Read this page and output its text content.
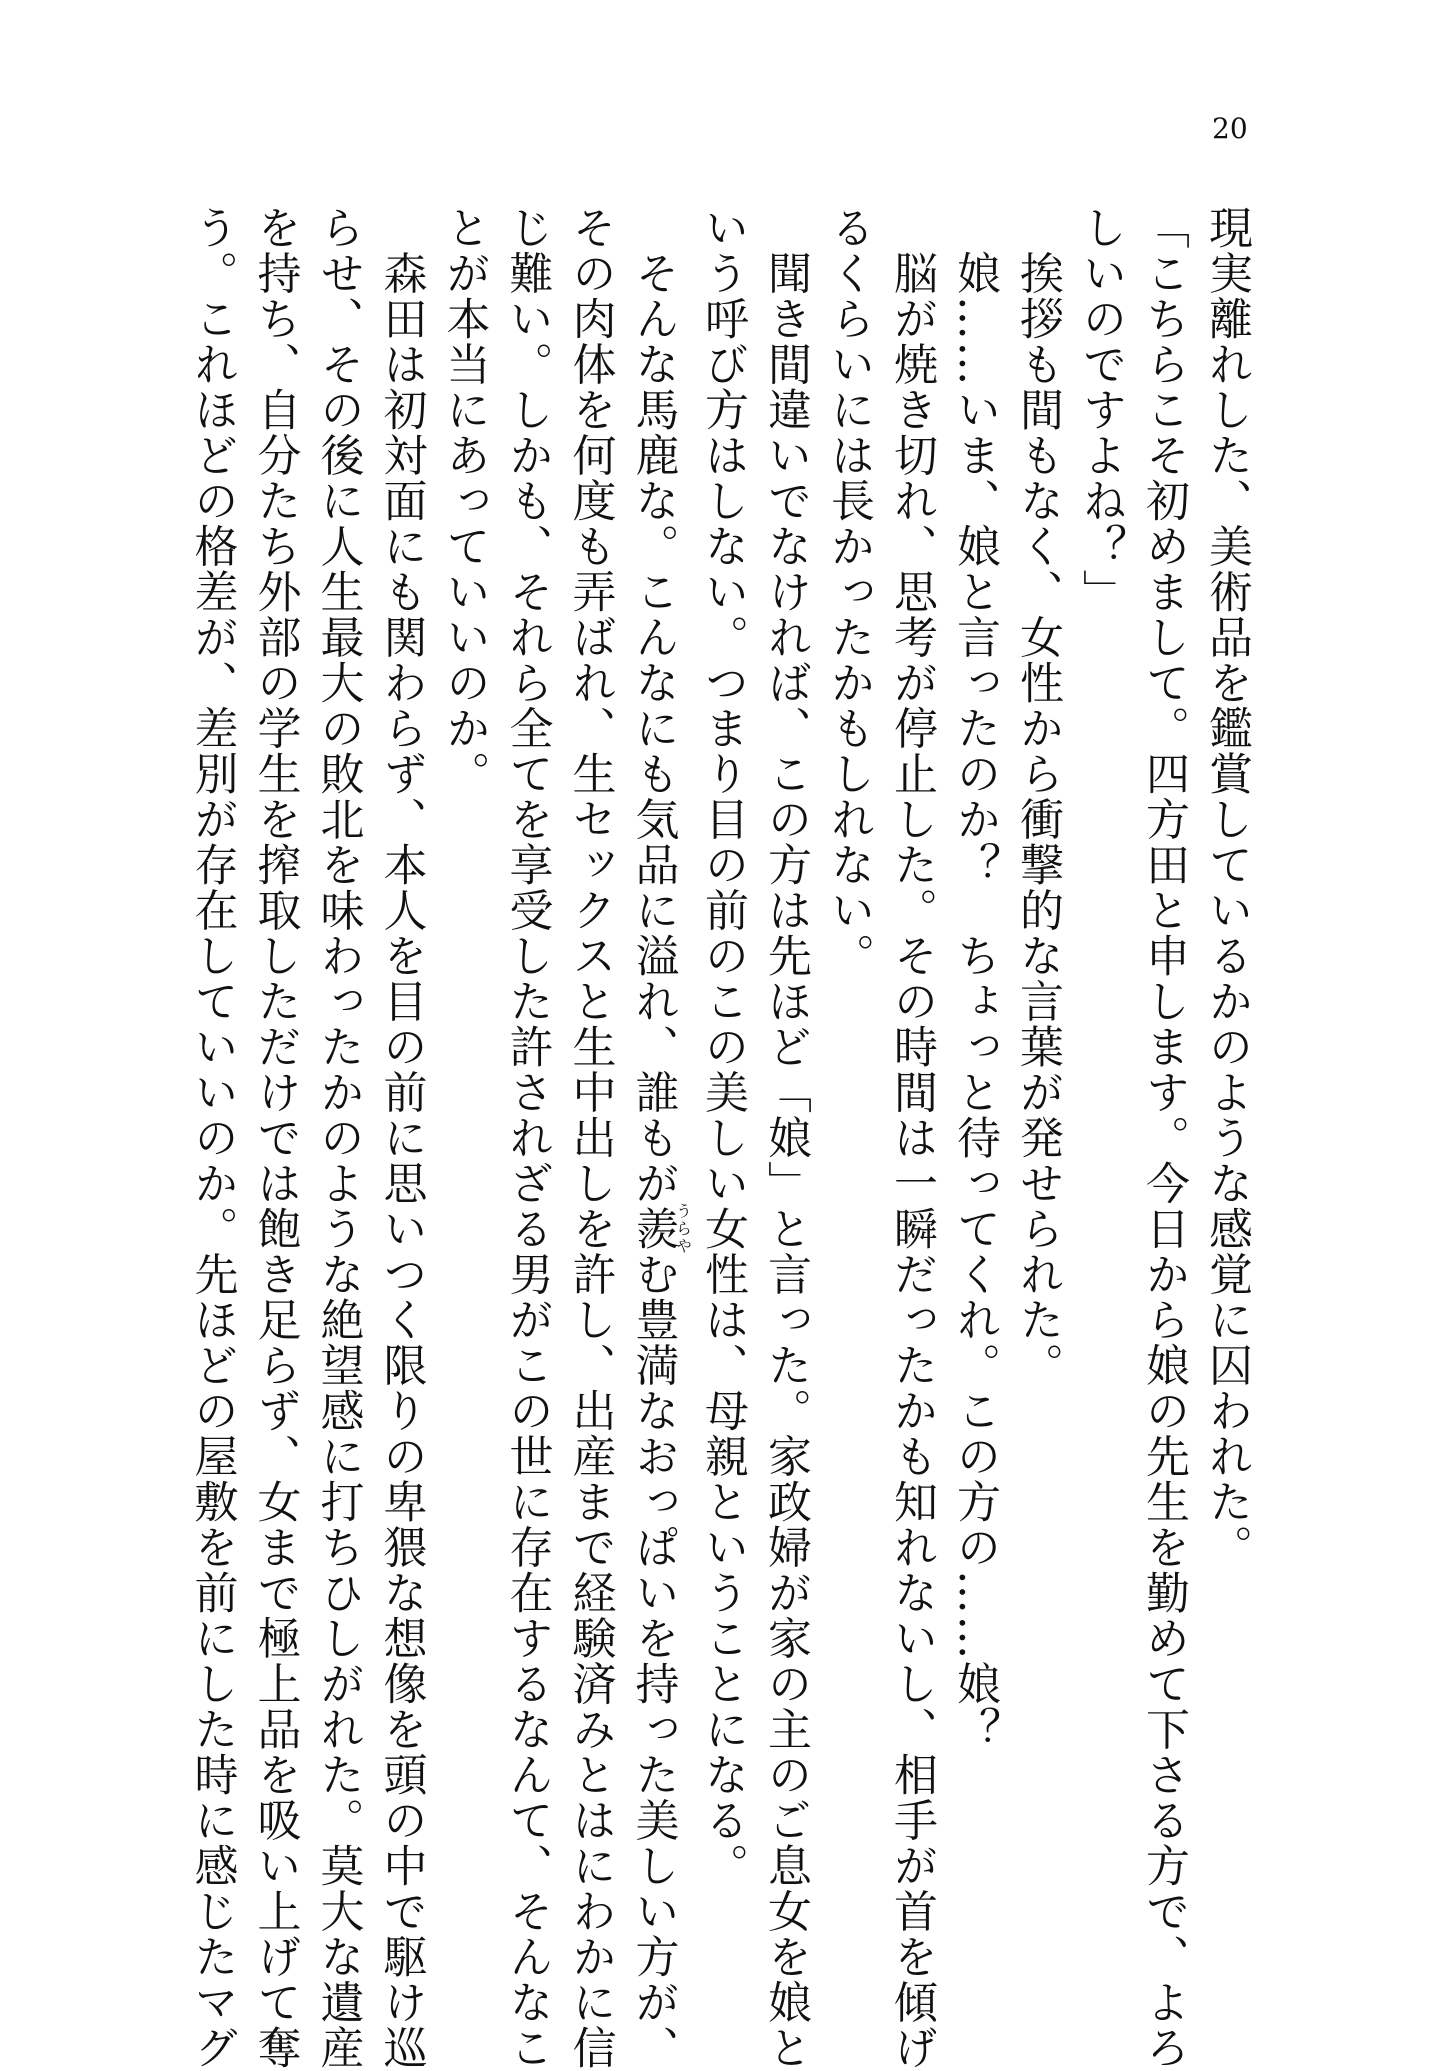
20
現実離れした、美術品を鑑賞しているかのような感覚に囚われた。
「こちらこそ初めまして。四方田と申します。今日から娘の先生を勤めて下さる方で、よろ
しいのですよね？」
　挨拶も間もなく、女性から衝撃的な言葉が発せられた。
　娘……いま、娘と言ったのか？　ちょっと待ってくれ。この方の……娘？
　脳が焼き切れ、思考が停止した。その時間は一瞬だったかも知れないし、相手が首を傾げ
るくらいには長かったかもしれない。
　聞き間違いでなければ、この方は先ほど「娘」と言った。家政婦が家の主のご息女を娘と
いう呼び方はしない。つまり目の前のこの美しい女性は、母親ということになる。
　そんな馬鹿な。こんなにも気品に溢れ、誰もが羨うらやむ豊満なおっぱいを持った美しい方が、
その肉体を何度も弄ばれ、生セックスと生中出しを許し、出産まで経験済みとはにわかに信
じ難い。しかも、それら全てを享受した許されざる男がこの世に存在するなんて、そんなこ
とが本当にあっていいのか。
　森田は初対面にも関わらず、本人を目の前に思いつく限りの卑猥な想像を頭の中で駆け巡
らせ、その後に人生最大の敗北を味わったかのような絶望感に打ちひしがれた。莫大な遺産
を持ち、自分たち外部の学生を搾取しただけでは飽き足らず、女まで極上品を吸い上げて奪
う。これほどの格差が、差別が存在していいのか。先ほどの屋敷を前にした時に感じたマグ
